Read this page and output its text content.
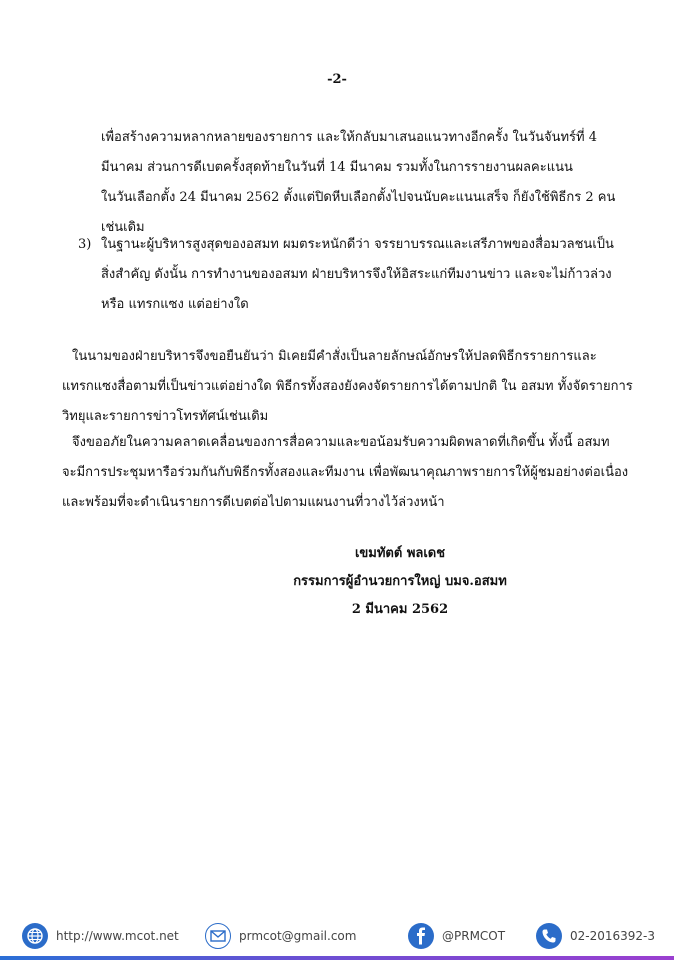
-2-
เพื่อสร้างความหลากหลายของรายการ และให้กลับมาเสนอแนวทางอีกครั้ง ในวันจันทร์ที่ 4
มีนาคม ส่วนการดีเบตครั้งสุดท้ายในวันที่ 14 มีนาคม รวมทั้งในการรายงานผลคะแนน
ในวันเลือกตั้ง 24 มีนาคม 2562 ตั้งแต่ปิดหีบเลือกตั้งไปจนนับคะแนนเสร็จ ก็ยังใช้พิธีกร 2 คน
เช่นเดิม
3) ในฐานะผู้บริหารสูงสุดของอสมท ผมตระหนักดีว่า จรรยาบรรณและเสรีภาพของสื่อมวลชนเป็น
สิ่งสำคัญ ดังนั้น การทำงานของอสมท ฝ่ายบริหารจึงให้อิสระแก่ทีมงานข่าว และจะไม่ก้าวล่วง
หรือ แทรกแซง แต่อย่างใด
ในนามของฝ่ายบริหารจึงขอยืนยันว่า มิเคยมีคำสั่งเป็นลายลักษณ์อักษรให้ปลดพิธีกรรายการและ
แทรกแซงสื่อตามที่เป็นข่าวแต่อย่างใด พิธีกรทั้งสองยังคงจัดรายการได้ตามปกติ ใน อสมท ทั้งจัดรายการ
วิทยุและรายการข่าวโทรทัศน์เช่นเดิม
จึงขออภัยในความคลาดเคลื่อนของการสื่อความและขอน้อมรับความผิดพลาดที่เกิดขึ้น ทั้งนี้ อสมท
จะมีการประชุมหารือร่วมกันกับพิธีกรทั้งสองและทีมงาน เพื่อพัฒนาคุณภาพรายการให้ผู้ชมอย่างต่อเนื่อง
และพร้อมที่จะดำเนินรายการดีเบตต่อไปตามแผนงานที่วางไว้ล่วงหน้า
เขมทัตต์ พลเดช
กรรมการผู้อำนวยการใหญ่ บมจ.อสมท
2 มีนาคม 2562
http://www.mcot.net	prmcot@gmail.com	@PRMCOT	02-2016392-3
